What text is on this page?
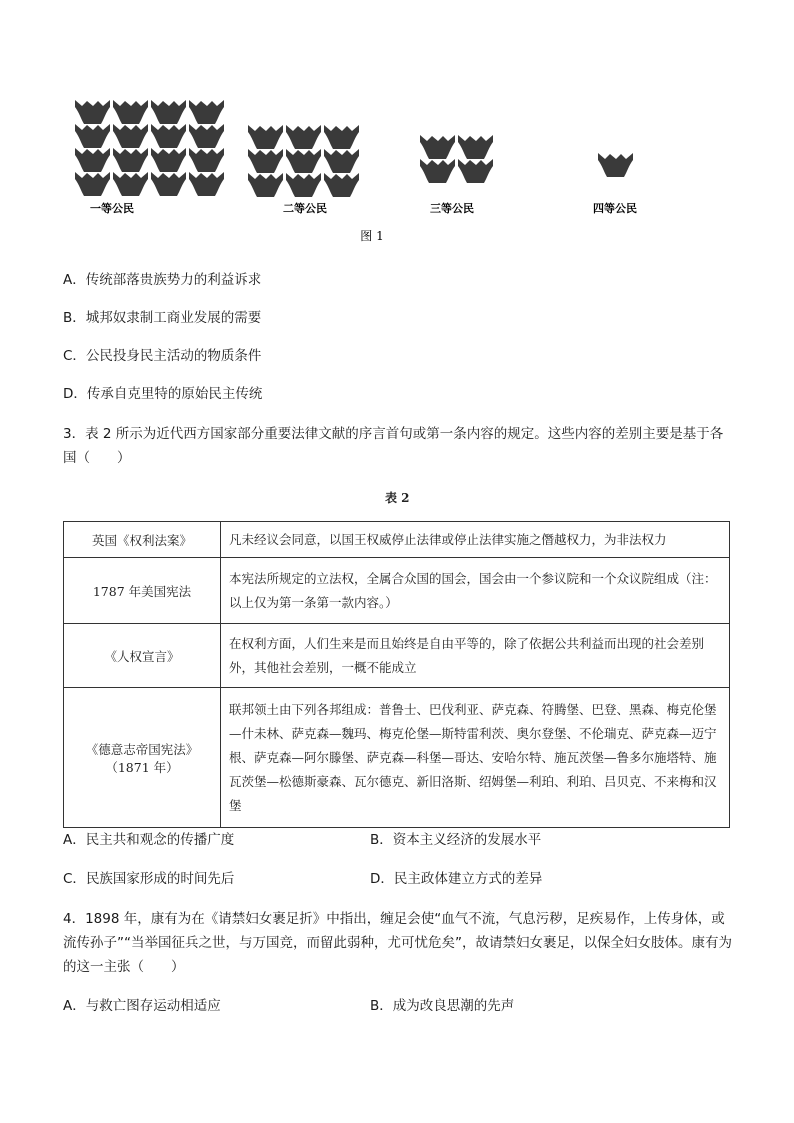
一等公民	二等公民	三等公民	四等公民
图 1
A．传统部落贵族势力的利益诉求
B．城邦奴隶制工商业发展的需要
C．公民投身民主活动的物质条件
D．传承自克里特的原始民主传统
3．表 2 所示为近代西方国家部分重要法律文献的序言首句或第一条内容的规定。这些内容的差别主要是基于各国（　　）
表 2
英国《权利法案》	凡未经议会同意，以国王权威停止法律或停止法律实施之僭越权力，为非法权力
1787 年美国宪法	本宪法所规定的立法权，全属合众国的国会，国会由一个参议院和一个众议院组成（注：以上仅为第一条第一款内容。）
《人权宣言》	在权利方面，人们生来是而且始终是自由平等的，除了依据公共利益而出现的社会差别外，其他社会差别，一概不能成立

《德意志帝国宪法》
（1871 年）	联邦领土由下列各邦组成：普鲁士、巴伐利亚、萨克森、符腾堡、巴登、黑森、梅克伦堡—什未林、萨克森—魏玛、梅克伦堡—斯特雷利茨、奥尔登堡、不伦瑞克、萨克森—迈宁根、萨克森—阿尔滕堡、萨克森—科堡—哥达、安哈尔特、施瓦茨堡—鲁多尔施塔特、施瓦茨堡—松德斯豪森、瓦尔德克、新旧洛斯、绍姆堡—利珀、利珀、吕贝克、不来梅和汉堡
A．民主共和观念的传播广度	B．资本主义经济的发展水平
C．民族国家形成的时间先后	D．民主政体建立方式的差异
4．1898 年，康有为在《请禁妇女裹足折》中指出，缠足会使“血气不流，气息污秽，足疾易作，上传身体，或流传孙子”“当举国征兵之世，与万国竞，而留此弱种，尤可忧危矣”，故请禁妇女裹足，以保全妇女肢体。康有为的这一主张（　　）
A．与救亡图存运动相适应	B．成为改良思潮的先声
